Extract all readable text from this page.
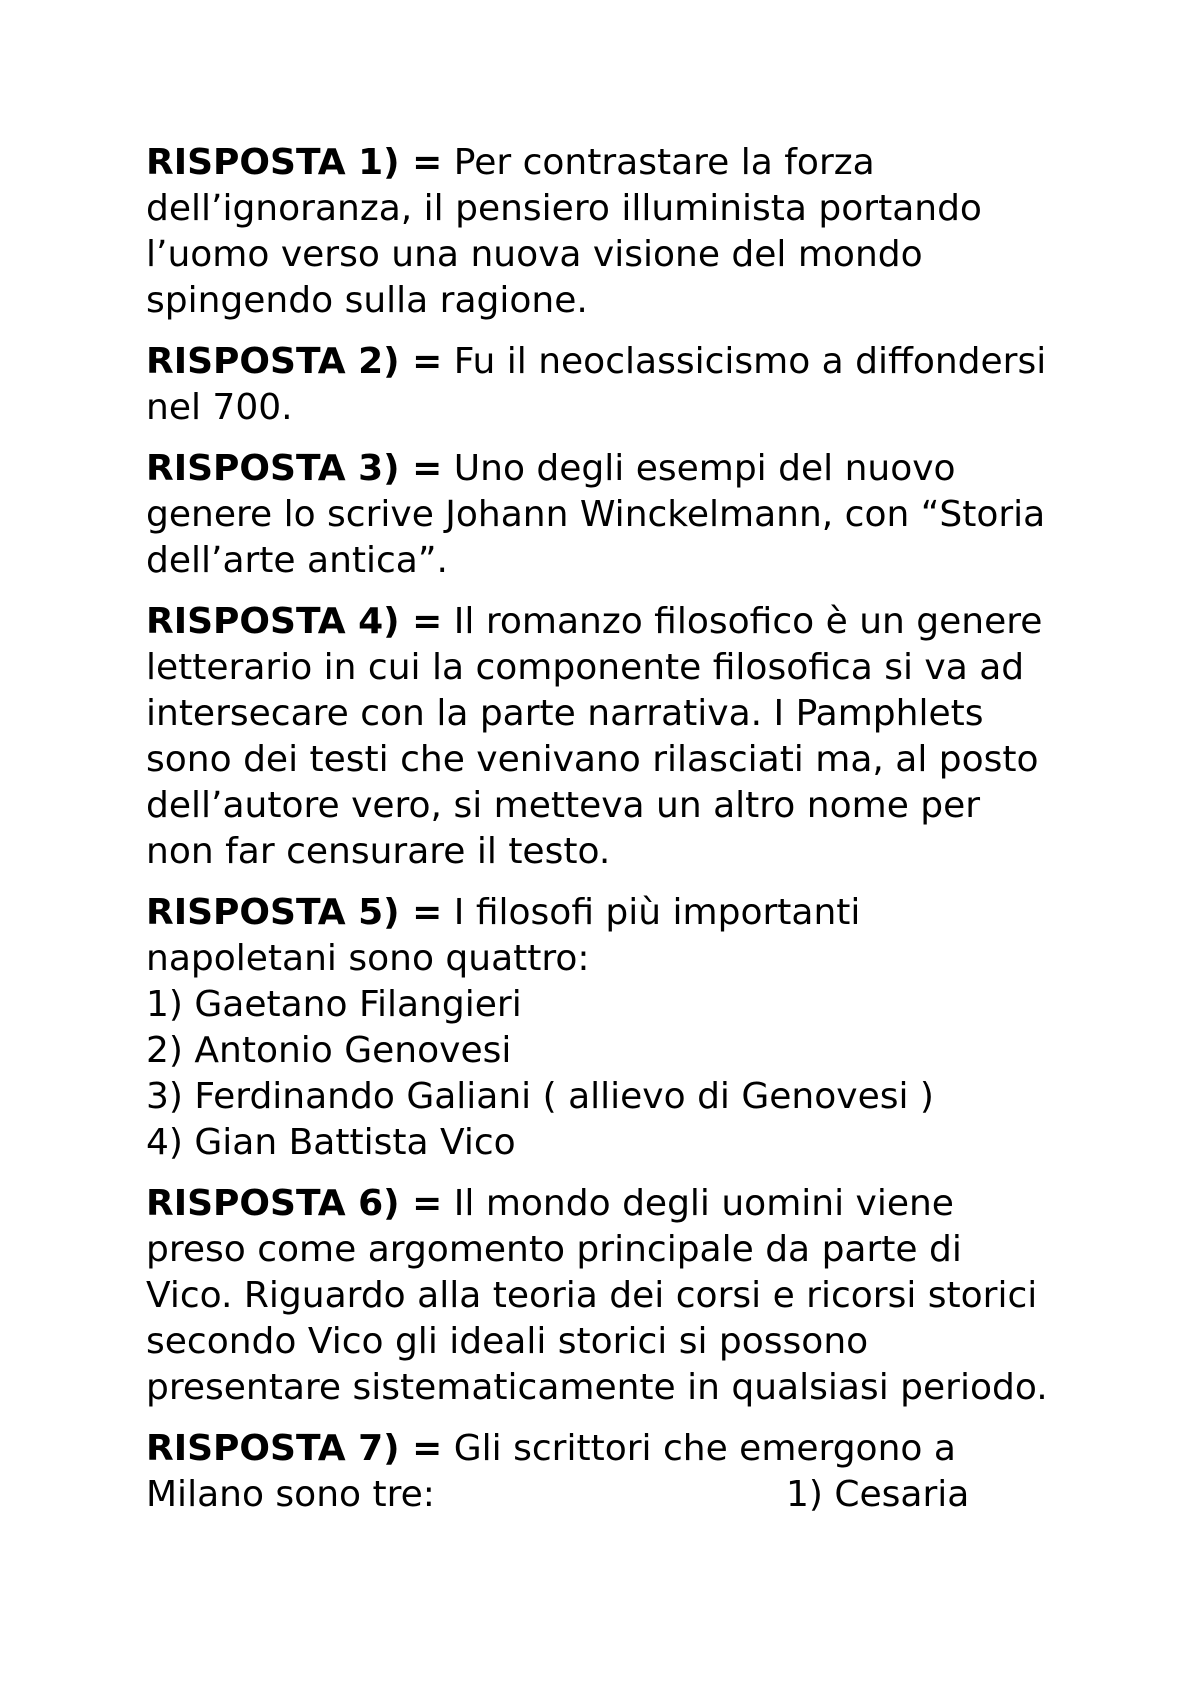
RISPOSTA 1) = Per contrastare la forza
dell’ignoranza, il pensiero illuminista portando
l’uomo verso una nuova visione del mondo
spingendo sulla ragione.
RISPOSTA 2) = Fu il neoclassicismo a diffondersi
nel 700.
RISPOSTA 3) = Uno degli esempi del nuovo
genere lo scrive Johann Winckelmann, con “Storia
dell’arte antica”.
RISPOSTA 4) = Il romanzo filosofico è un genere
letterario in cui la componente filosofica si va ad
intersecare con la parte narrativa. I Pamphlets
sono dei testi che venivano rilasciati ma, al posto
dell’autore vero, si metteva un altro nome per
non far censurare il testo.
RISPOSTA 5) = I filosofi più importanti
napoletani sono quattro:
1) Gaetano Filangieri
2) Antonio Genovesi
3) Ferdinando Galiani ( allievo di Genovesi )
4) Gian Battista Vico
RISPOSTA 6) = Il mondo degli uomini viene
preso come argomento principale da parte di
Vico. Riguardo alla teoria dei corsi e ricorsi storici
secondo Vico gli ideali storici si possono
presentare sistematicamente in qualsiasi periodo.
RISPOSTA 7) = Gli scrittori che emergono a
Milano sono tre:	1) Cesaria
